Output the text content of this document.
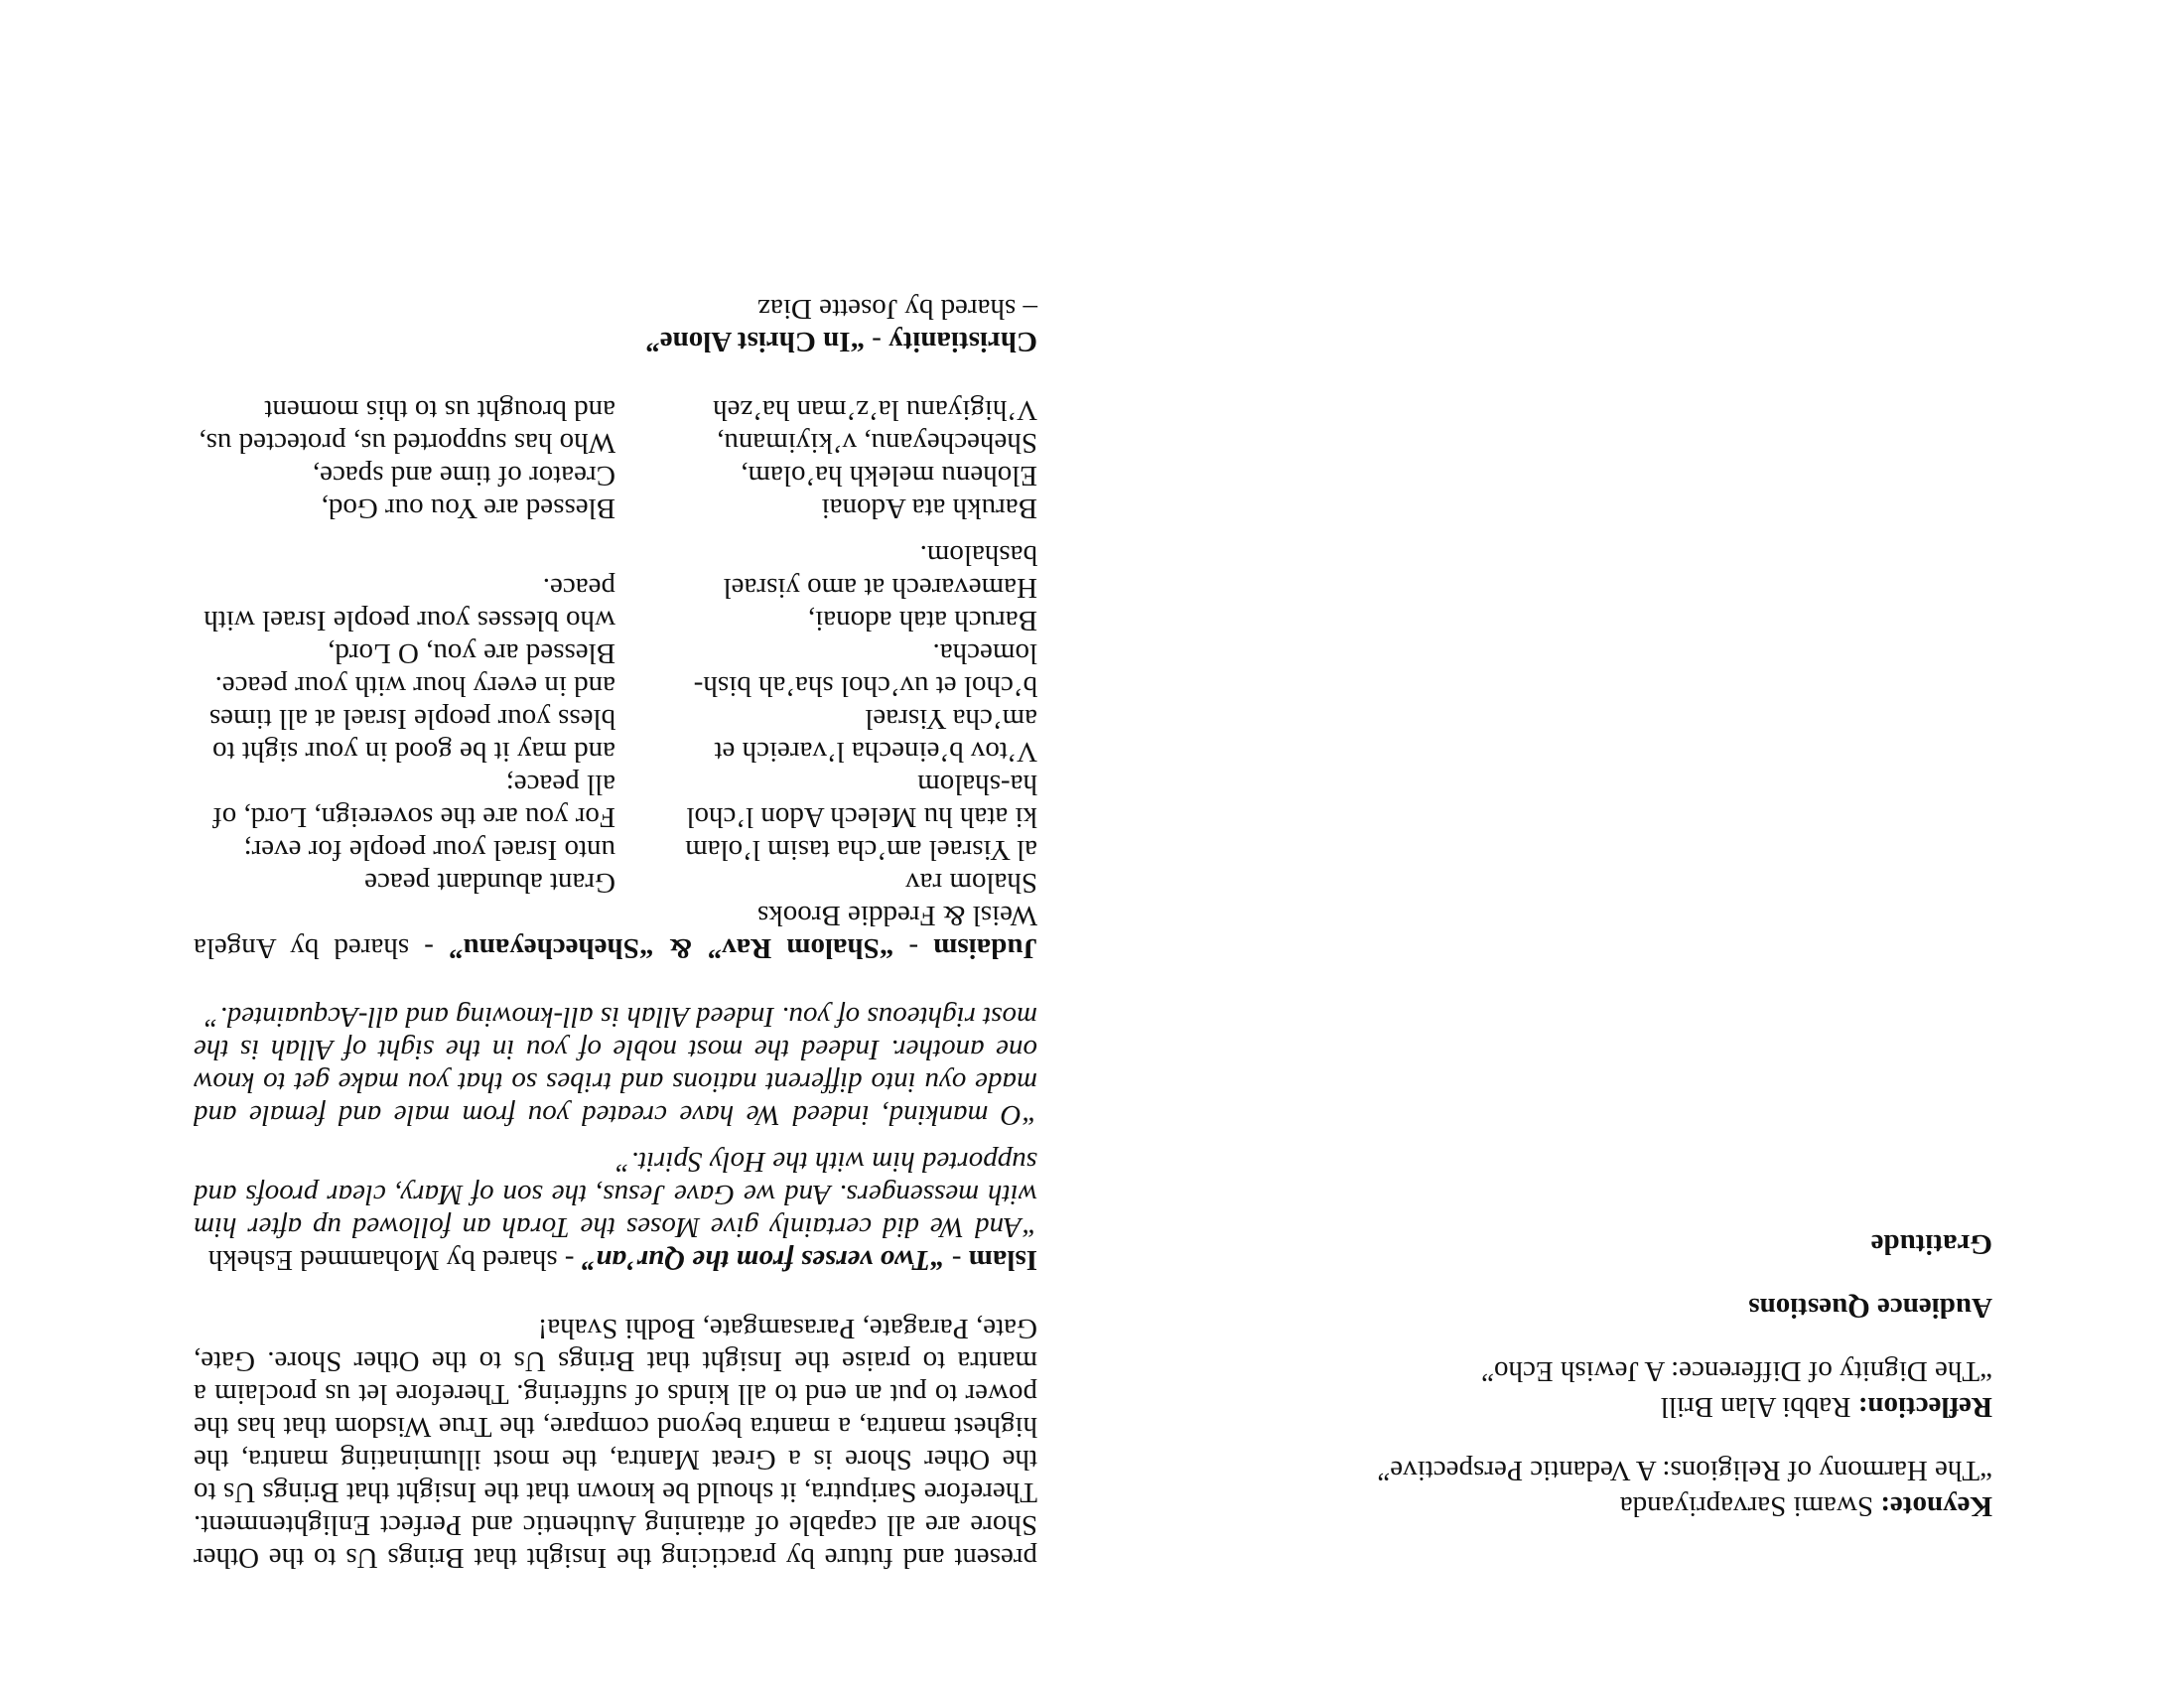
present and future by practicing the Insight that Brings Us to the Other Shore are all capable of attaining Authentic and Perfect Enlightenment. Therefore Sariputra, it should be known that the Insight that Brings Us to the Other Shore is a Great Mantra, the most illuminating mantra, the highest mantra, a mantra beyond compare, the True Wisdom that has the power to put an end to all kinds of suffering. Therefore let us proclaim a mantra to praise the Insight that Brings Us to the Other Shore. Gate, Gate, Paragate, Parasamgate, Bodhi Svaha!

Islam - “Two verses from the Qur’an” - shared by Mohammed Eshekh

“And We did certainly give Moses the Torah an followed up after him with messengers. And we Gave Jesus, the son of Mary, clear proofs and supported him with the Holy Spirit.”

“O mankind, indeed We have created you from male and female and made oyu into different nations and tribes so that you make get to know one another. Indeed the most noble of you in the sight of Allah is the most righteous of you. Indeed Allah is all-knowing and all-Acquainted.”

Judaism - “Shalom Rav” & “Shehecheyanu” - shared by Angela Weisl & Freddie Brooks

Shalom rav
Grant abundant peace
al Yisrael am’cha tasim l’olam
unto Israel your people for ever;
ki atah hu Melech Adon l’chol
For you are the sovereign, Lord, of
ha-shalom
all peace;
V’tov b’einecha l’vareich et
and may it be good in your sight to
am’cha Yisrael
bless your people Israel at all times
b’chol et uv’chol sha’ah bish-
and in every hour with your peace.
lomecha.
Blessed are you, O Lord,
Baruch atah adonai,
who blesses your people Israel with
Hamevarech at amo yisrael
peace.
bashalom.
Barukh ata Adonai
Blessed are You our God,
Elohenu melekh ha’olam,
Creator of time and space,
Shehecheyanu, v’kiyimanu,
Who has supported us, protected us,
V’higiyanu la’z’man ha’zeh
and brought us to this moment

Christianity - “In Christ Alone”

– shared by Josette Diaz

Keynote: Swami Sarvapriyanda

“The Harmony of Religions: A Vedantic Perspective”

Reflection: Rabbi Alan Brill

“The Dignity of Difference: A Jewish Echo”

Audience Questions

Gratitude
